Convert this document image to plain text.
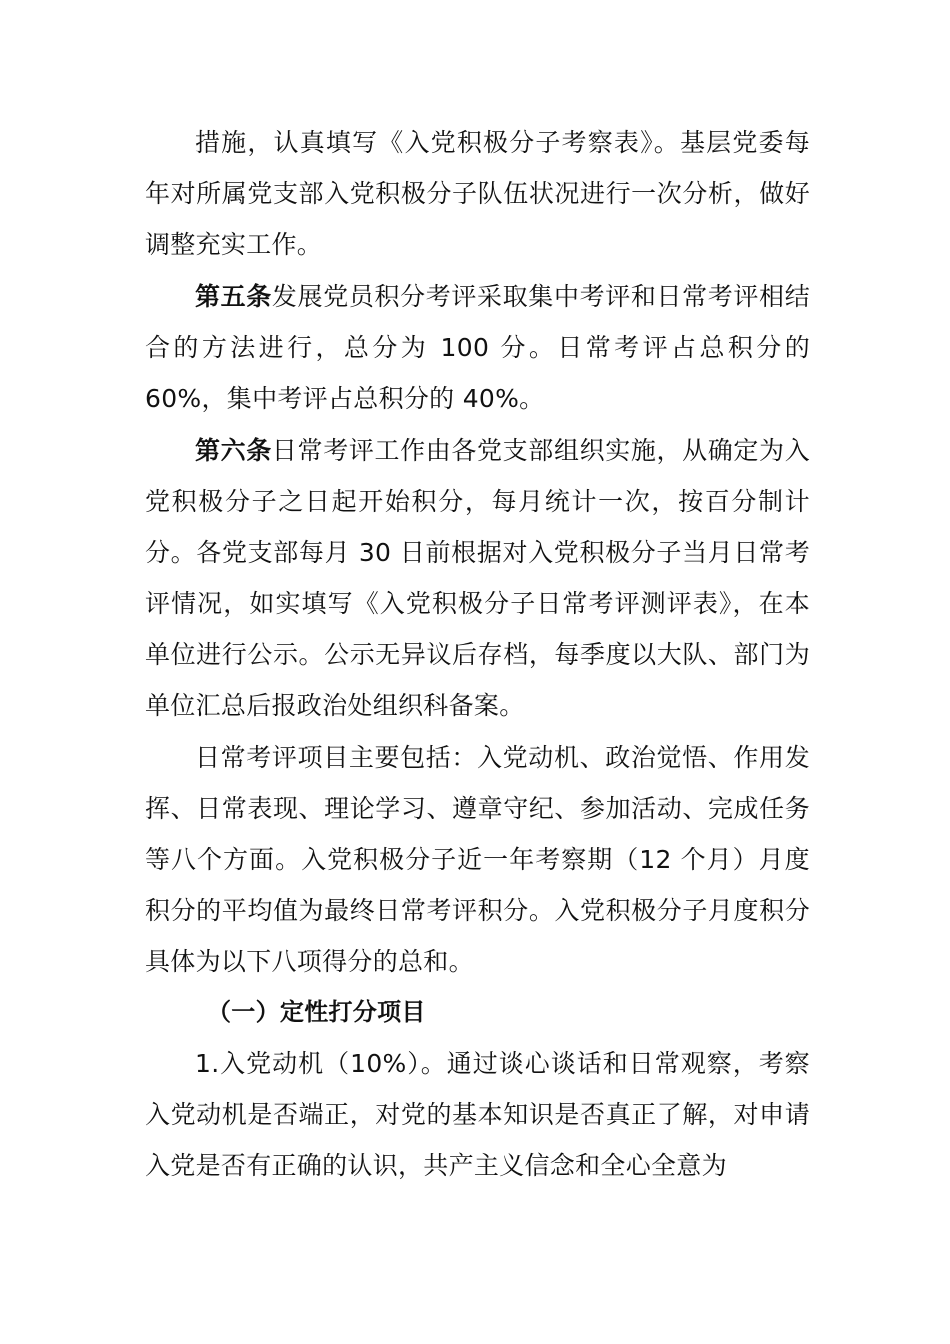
措施，认真填写《入党积极分子考察表》。基层党委每年对所属党支部入党积极分子队伍状况进行一次分析，做好调整充实工作。

第五条发展党员积分考评采取集中考评和日常考评相结合的方法进行，总分为 100 分。日常考评占总积分的 60%，集中考评占总积分的 40%。

第六条日常考评工作由各党支部组织实施，从确定为入党积极分子之日起开始积分，每月统计一次，按百分制计分。各党支部每月 30 日前根据对入党积极分子当月日常考评情况，如实填写《入党积极分子日常考评测评表》，在本单位进行公示。公示无异议后存档，每季度以大队、部门为单位汇总后报政治处组织科备案。

日常考评项目主要包括：入党动机、政治觉悟、作用发挥、日常表现、理论学习、遵章守纪、参加活动、完成任务等八个方面。入党积极分子近一年考察期（12 个月）月度积分的平均值为最终日常考评积分。入党积极分子月度积分具体为以下八项得分的总和。

（一）定性打分项目

1.入党动机（10%）。通过谈心谈话和日常观察，考察入党动机是否端正，对党的基本知识是否真正了解，对申请入党是否有正确的认识，共产主义信念和全心全意为
